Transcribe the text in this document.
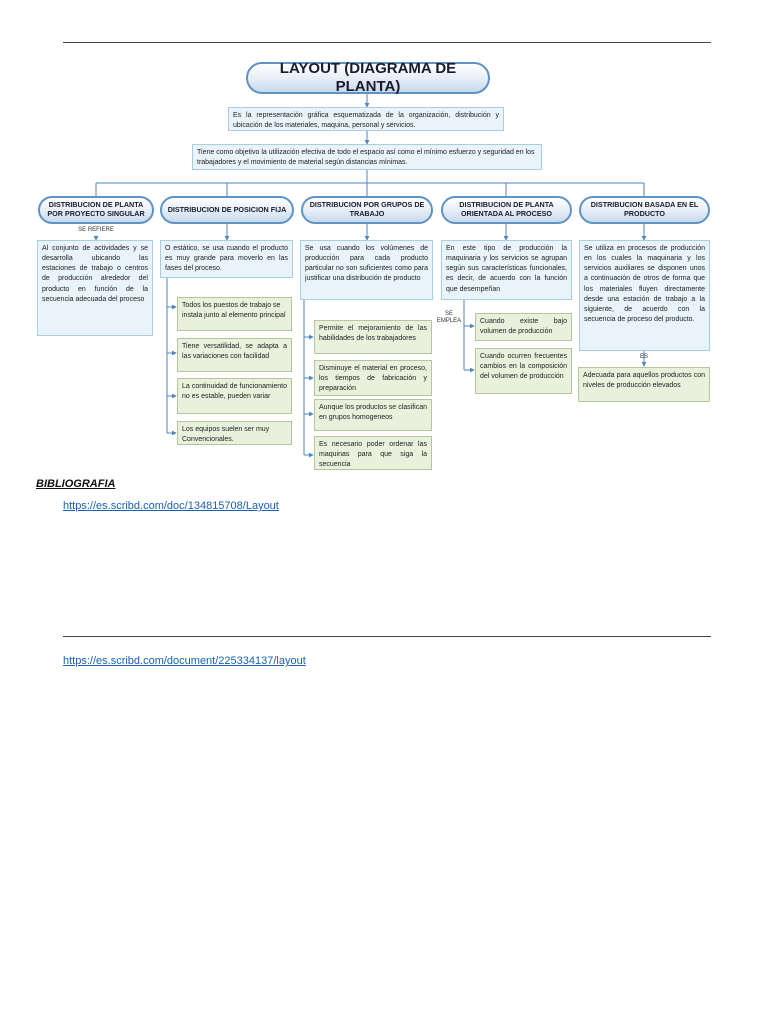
LAYOUT (DIAGRAMA DE PLANTA)
Es la representación gráfica esquematizada de la organización, distribución y ubicación de los materiales, maquina, personal y servicios.
Tiene como objetivo la utilización efectiva de todo el espacio así como el mínimo esfuerzo y seguridad en los trabajadores y el movimiento de material según distancias mínimas.
DISTRIBUCION DE PLANTA POR PROYECTO SINGULAR	DISTRIBUCION DE POSICION FIJA	DISTRIBUCION POR GRUPOS DE TRABAJO
DISTRIBUCION DE PLANTA ORIENTADA AL PROCESO
DISTRIBUCION BASADA EN EL PRODUCTO
SE REFIERE
SE EMPLEA
ES
Al conjunto de actividades y se desarrolla ubicando las estaciones de trabajo o centros de producción alrededor del producto en función de la secuencia adecuada del proceso
O estático, se usa cuando el producto es muy grande para moverlo en las fases del proceso.
Se usa cuando los volúmenes de producción para cada producto particular no son suficientes como para justificar una distribución de producto
En este tipo de producción la maquinaria y los servicios se agrupan según sus características funcionales, es decir, de acuerdo con la función que desempeñan
Se utiliza en procesos de producción en los cuales la maquinaria y los servicios auxiliares se disponen unos a continuación de otros de forma que los materiales fluyen directamente desde una estación de trabajo a la siguiente, de acuerdo con la secuencia de proceso del producto.
Todos los puestos de trabajo se instala junto al elemento principal
Tiene versatilidad, se adapta a las variaciones con facilidad
La continuidad de funcionamiento no es estable, pueden variar
Los equipos suelen ser muy Convencionales.
Permite el mejoramiento de las habilidades de los trabajadores
Disminuye el material en proceso, los tiempos de fabricación y preparación
Aunque los productos se clasifican en grupos homogeneos
Es necesario poder ordenar las maquinas para que siga la secuencia
Cuando existe bajo volumen de producción
Cuando ocurren frecuentes cambios en la composición del volumen de producción	Adecuada para aquellos productos con niveles de producción elevados
BIBLIOGRAFIA
https://es.scribd.com/doc/134815708/Layout
https://es.scribd.com/document/225334137/layout
